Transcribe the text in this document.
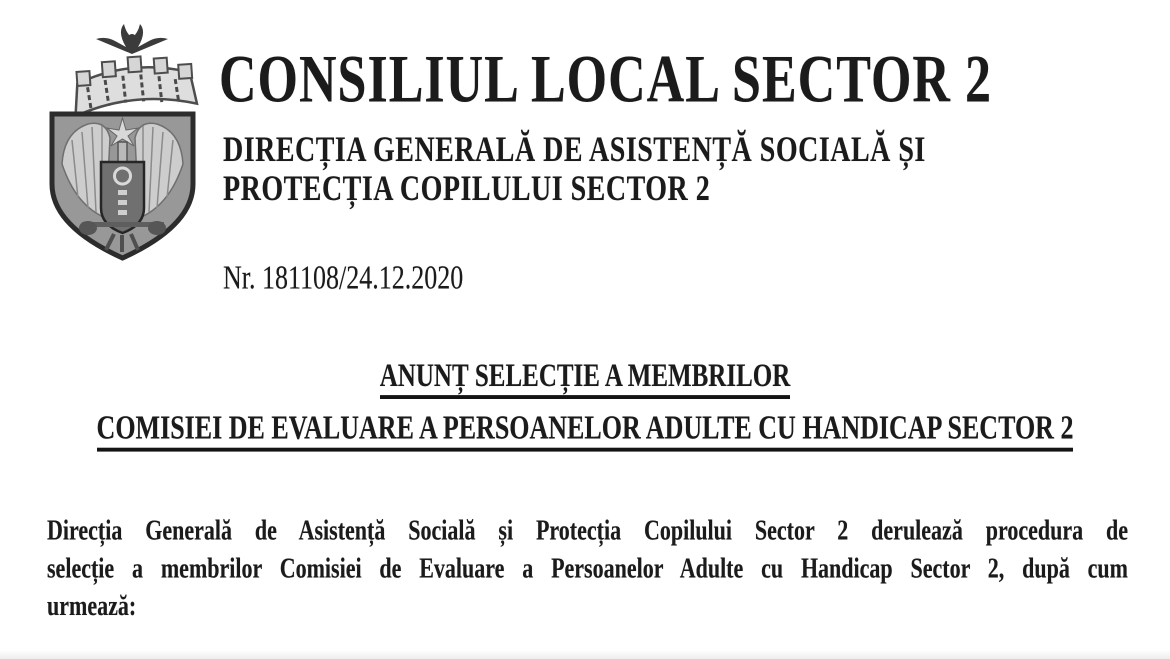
CONSILIUL LOCAL SECTOR 2
DIRECȚIA GENERALĂ DE ASISTENȚĂ SOCIALĂ ȘI
PROTECȚIA COPILULUI SECTOR 2
Nr. 181108/24.12.2020
ANUNȚ SELECȚIE A MEMBRILOR
COMISIEI DE EVALUARE A PERSOANELOR ADULTE CU HANDICAP SECTOR 2
Direcția Generală de Asistență Socială și Protecția Copilului Sector 2 derulează procedura de
selecție a membrilor Comisiei de Evaluare a Persoanelor Adulte cu Handicap Sector 2, după cum
urmează:
